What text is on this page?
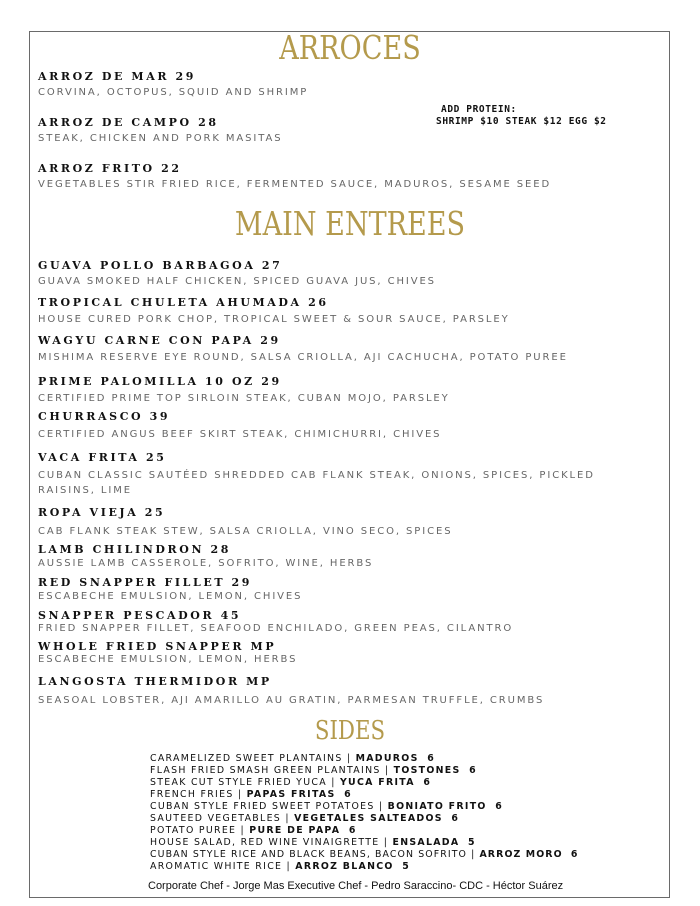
ARROCES
ARROZ DE MAR 29
CORVINA, OCTOPUS, SQUID AND SHRIMP
ARROZ DE CAMPO 28
STEAK, CHICKEN AND PORK MASITAS
ADD PROTEIN:
SHRIMP $10 STEAK $12 EGG $2
ARROZ FRITO 22
VEGETABLES STIR FRIED RICE, FERMENTED SAUCE, MADUROS, SESAME SEED
MAIN ENTREES
GUAVA POLLO BARBAGOA 27
GUAVA SMOKED HALF CHICKEN, SPICED GUAVA JUS, CHIVES
TROPICAL CHULETA AHUMADA 26
HOUSE CURED PORK CHOP, TROPICAL SWEET & SOUR SAUCE, PARSLEY
WAGYU CARNE CON PAPA 29
MISHIMA RESERVE EYE ROUND, SALSA CRIOLLA, AJI CACHUCHA, POTATO PUREE
PRIME PALOMILLA 10 OZ 29
CERTIFIED PRIME TOP SIRLOIN STEAK, CUBAN MOJO, PARSLEY
CHURRASCO 39
CERTIFIED ANGUS BEEF SKIRT STEAK, CHIMICHURRI, CHIVES
VACA FRITA 25
CUBAN CLASSIC SAUTÉED SHREDDED CAB FLANK STEAK, ONIONS, SPICES, PICKLED RAISINS, LIME
ROPA VIEJA 25
CAB FLANK STEAK STEW, SALSA CRIOLLA, VINO SECO, SPICES
LAMB CHILINDRON 28
AUSSIE LAMB CASSEROLE, SOFRITO, WINE, HERBS
RED SNAPPER FILLET 29
ESCABECHE EMULSION, LEMON, CHIVES
SNAPPER PESCADOR 45
FRIED SNAPPER FILLET, SEAFOOD ENCHILADO, GREEN PEAS, CILANTRO
WHOLE FRIED SNAPPER MP
ESCABECHE EMULSION, LEMON, HERBS
LANGOSTA THERMIDOR MP
SEASOAL LOBSTER, AJI AMARILLO AU GRATIN, PARMESAN TRUFFLE, CRUMBS
SIDES
CARAMELIZED SWEET PLANTAINS | MADUROS 6
FLASH FRIED SMASH GREEN PLANTAINS | TOSTONES 6
STEAK CUT STYLE FRIED YUCA | YUCA FRITA 6
FRENCH FRIES | PAPAS FRITAS 6
CUBAN STYLE FRIED SWEET POTATOES | BONIATO FRITO 6
SAUTEED VEGETABLES | VEGETALES SALTEADOS 6
POTATO PUREE | PURE DE PAPA 6
HOUSE SALAD, RED WINE VINAIGRETTE | ENSALADA 5
CUBAN STYLE RICE AND BLACK BEANS, BACON SOFRITO | ARROZ MORO 6
AROMATIC WHITE RICE | ARROZ BLANCO 5
Corporate Chef - Jorge Mas Executive Chef - Pedro Saraccino- CDC - Héctor Suárez
